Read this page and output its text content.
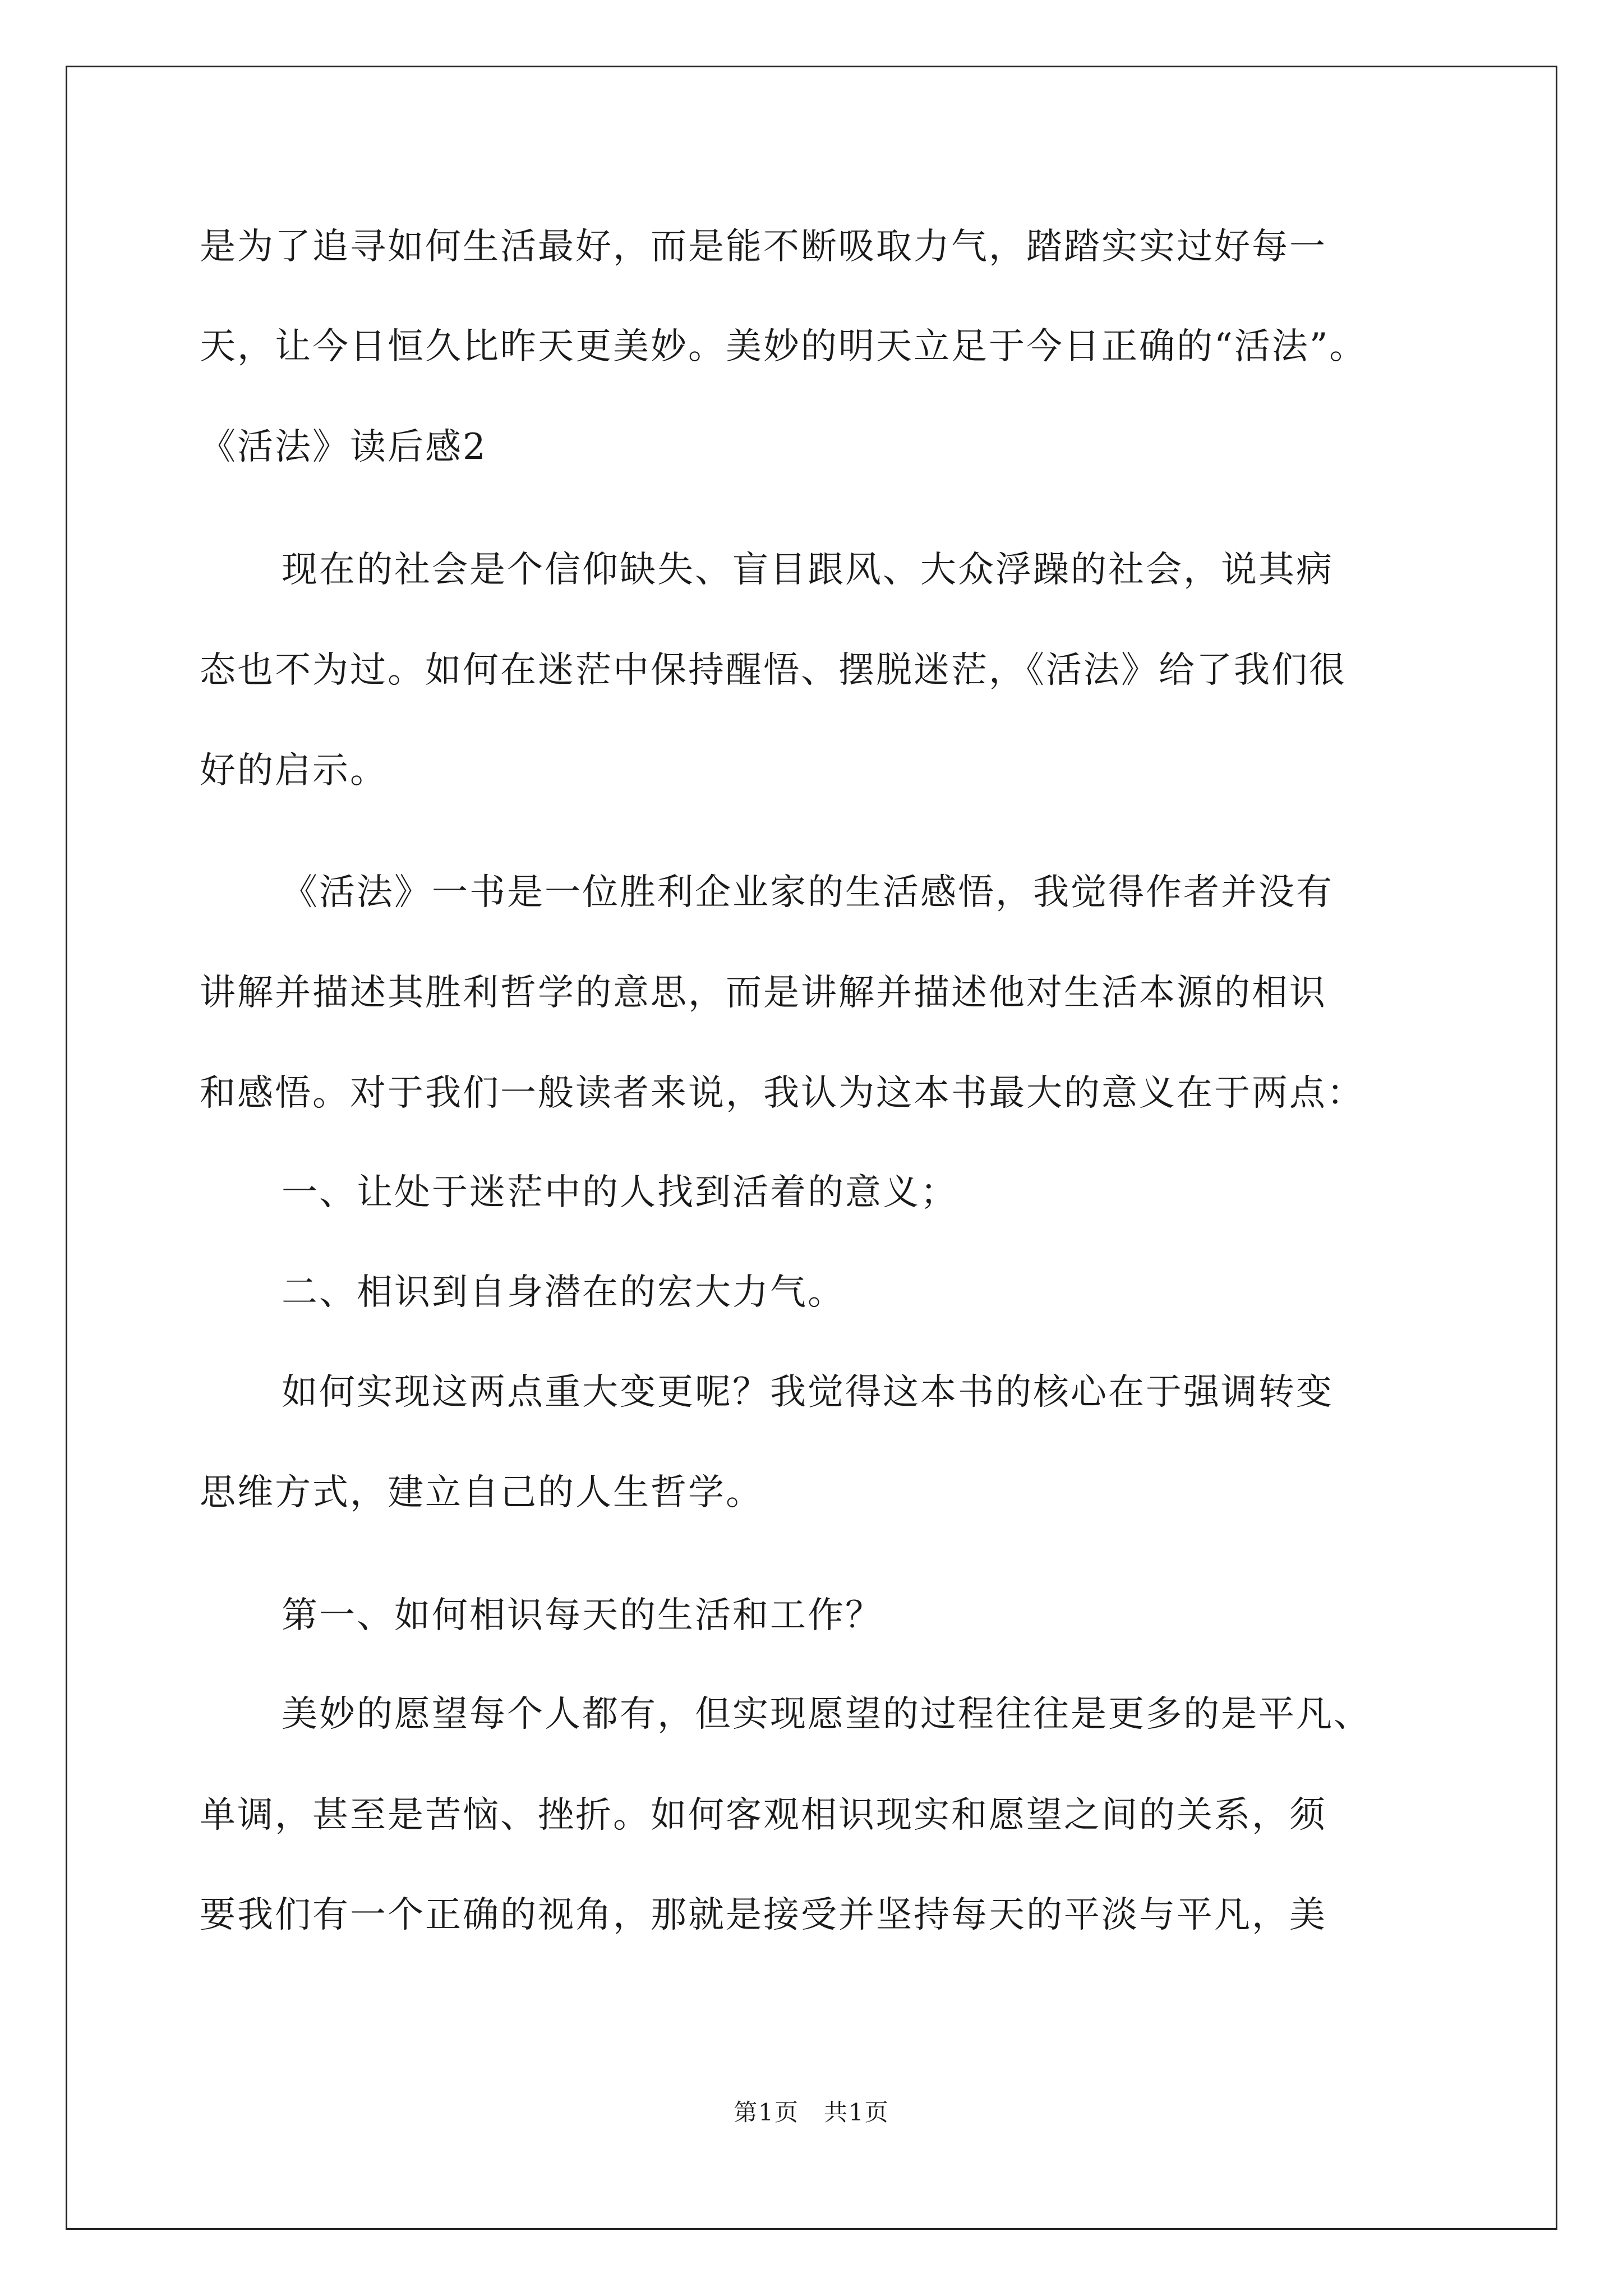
是为了追寻如何生活最好，而是能不断吸取力气，踏踏实实过好每一
天，让今日恒久比昨天更美妙。美妙的明天立足于今日正确的“活法”。
《活法》读后感2
现在的社会是个信仰缺失、盲目跟风、大众浮躁的社会，说其病
态也不为过。如何在迷茫中保持醒悟、摆脱迷茫，《活法》给了我们很
好的启示。
《活法》一书是一位胜利企业家的生活感悟，我觉得作者并没有
讲解并描述其胜利哲学的意思，而是讲解并描述他对生活本源的相识
和感悟。对于我们一般读者来说，我认为这本书最大的意义在于两点：
一、让处于迷茫中的人找到活着的意义；
二、相识到自身潜在的宏大力气。
如何实现这两点重大变更呢？我觉得这本书的核心在于强调转变
思维方式，建立自己的人生哲学。
第一、如何相识每天的生活和工作？
美妙的愿望每个人都有，但实现愿望的过程往往是更多的是平凡、
单调，甚至是苦恼、挫折。如何客观相识现实和愿望之间的关系，须
要我们有一个正确的视角，那就是接受并坚持每天的平淡与平凡，美
第1页　共1页
